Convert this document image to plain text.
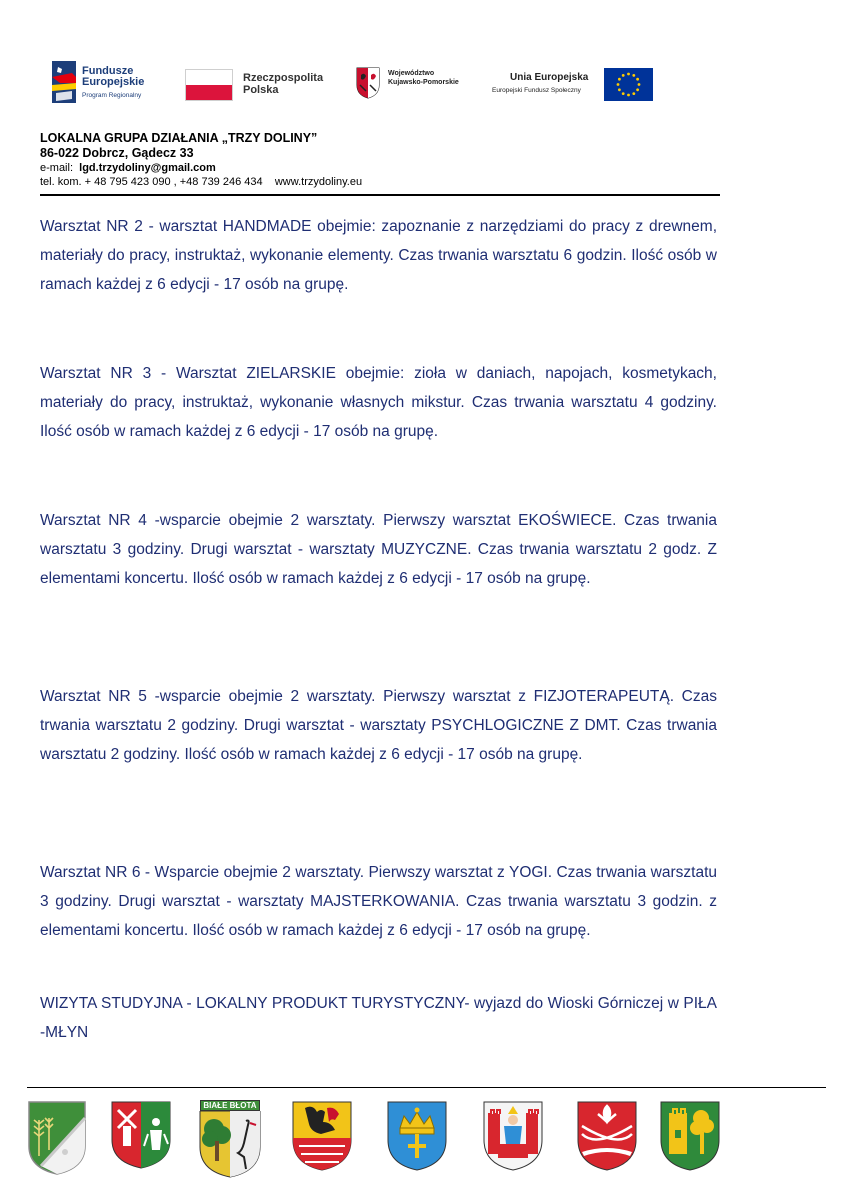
Fundusze
Europejskie
Program Regionalny
Rzeczpospolita
Polska
Województwo
Kujawsko-Pomorskie	Unia Europejska
Europejski Fundusz Społeczny
LOKALNA GRUPA DZIAŁANIA „TRZY DOLINY”
86-022 Dobrcz, Gądecz 33
e-mail: lgd.trzydoliny@gmail.com
tel. kom. + 48 795 423 090 , +48 739 246 434 www.trzydoliny.eu

Warsztat NR 2 - warsztat HANDMADE obejmie: zapoznanie z narzędziami do pracy z drewnem, materiały do pracy, instruktaż, wykonanie elementy. Czas trwania warsztatu 6 godzin. Ilość osób w ramach każdej z 6 edycji - 17 osób na grupę.

Warsztat NR 3 - Warsztat ZIELARSKIE obejmie: zioła w daniach, napojach, kosmetykach, materiały do pracy, instruktaż, wykonanie własnych mikstur. Czas trwania warsztatu 4 godziny. Ilość osób w ramach każdej z 6 edycji - 17 osób na grupę.

Warsztat NR 4 -wsparcie obejmie 2 warsztaty. Pierwszy warsztat EKOŚWIECE. Czas trwania warsztatu 3 godziny. Drugi warsztat - warsztaty MUZYCZNE. Czas trwania warsztatu 2 godz. Z elementami koncertu. Ilość osób w ramach każdej z 6 edycji - 17 osób na grupę.

Warsztat NR 5 -wsparcie obejmie 2 warsztaty. Pierwszy warsztat z FIZJOTERAPEUTĄ. Czas trwania warsztatu 2 godziny. Drugi warsztat - warsztaty PSYCHLOGICZNE Z DMT. Czas trwania warsztatu 2 godziny. Ilość osób w ramach każdej z 6 edycji - 17 osób na grupę.

Warsztat NR 6 - Wsparcie obejmie 2 warsztaty. Pierwszy warsztat z YOGI. Czas trwania warsztatu 3 godziny. Drugi warsztat - warsztaty MAJSTERKOWANIA. Czas trwania warsztatu 3 godzin. z elementami koncertu. Ilość osób w ramach każdej z 6 edycji - 17 osób na grupę.

WIZYTA STUDYJNA - LOKALNY PRODUKT TURYSTYCZNY- wyjazd do Wioski Górniczej w PIŁA -MŁYN

BIAŁE BŁOTA
